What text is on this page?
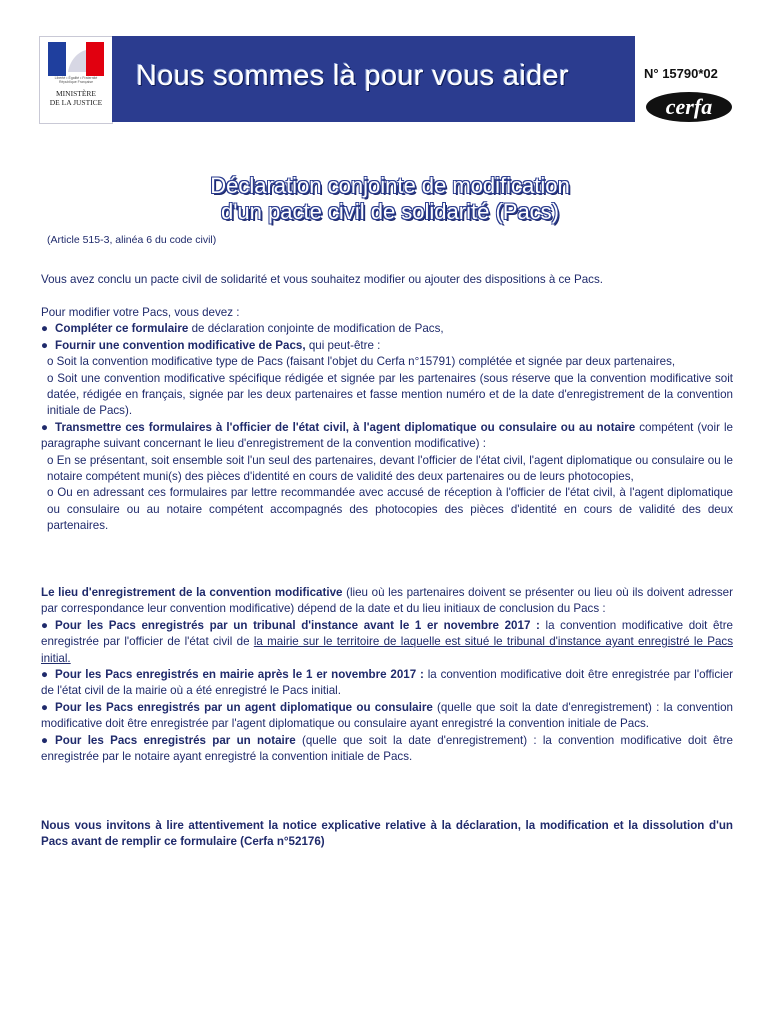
Liberté • Égalité • Fraternité
République Française
MINISTÈRE
DE LA JUSTICE
Nous sommes là pour vous aider	N° 15790*02
cerfa
Déclaration conjointe de modification
d'un pacte civil de solidarité (Pacs)
(Article 515-3, alinéa 6 du code civil)

Vous avez conclu un pacte civil de solidarité et vous souhaitez modifier ou ajouter des dispositions à ce Pacs.

Pour modifier votre Pacs, vous devez :

● Compléter ce formulaire de déclaration conjointe de modification de Pacs,

● Fournir une convention modificative de Pacs, qui peut-être :

o Soit la convention modificative type de Pacs (faisant l'objet du Cerfa n°15791) complétée et signée par deux partenaires,

o Soit une convention modificative spécifique rédigée et signée par les partenaires (sous réserve que la convention modificative soit datée, rédigée en français, signée par les deux partenaires et fasse mention numéro et de la date d'enregistrement de la convention initiale de Pacs).

● Transmettre ces formulaires à l'officier de l'état civil, à l'agent diplomatique ou consulaire ou au notaire compétent (voir le paragraphe suivant concernant le lieu d'enregistrement de la convention modificative) :

o En se présentant, soit ensemble soit l'un seul des partenaires, devant l'officier de l'état civil, l'agent diplomatique ou consulaire ou le notaire compétent muni(s) des pièces d'identité en cours de validité des deux partenaires ou de leurs photocopies,

o Ou en adressant ces formulaires par lettre recommandée avec accusé de réception à l'officier de l'état civil, à l'agent diplomatique ou consulaire ou au notaire compétent accompagnés des photocopies des pièces d'identité en cours de validité des deux partenaires.

Le lieu d'enregistrement de la convention modificative (lieu où les partenaires doivent se présenter ou lieu où ils doivent adresser par correspondance leur convention modificative) dépend de la date et du lieu initiaux de conclusion du Pacs :

● Pour les Pacs enregistrés par un tribunal d'instance avant le 1 er novembre 2017 : la convention modificative doit être enregistrée par l'officier de l'état civil de la mairie sur le territoire de laquelle est situé le tribunal d'instance ayant enregistré le Pacs initial.

● Pour les Pacs enregistrés en mairie après le 1 er novembre 2017 : la convention modificative doit être enregistrée par l'officier de l'état civil de la mairie où a été enregistré le Pacs initial.

● Pour les Pacs enregistrés par un agent diplomatique ou consulaire (quelle que soit la date d'enregistrement) : la convention modificative doit être enregistrée par l'agent diplomatique ou consulaire ayant enregistré la convention initiale de Pacs.

● Pour les Pacs enregistrés par un notaire (quelle que soit la date d'enregistrement) : la convention modificative doit être enregistrée par le notaire ayant enregistré la convention initiale de Pacs.

Nous vous invitons à lire attentivement la notice explicative relative à la déclaration, la modification et la dissolution d'un Pacs avant de remplir ce formulaire (Cerfa n°52176)
